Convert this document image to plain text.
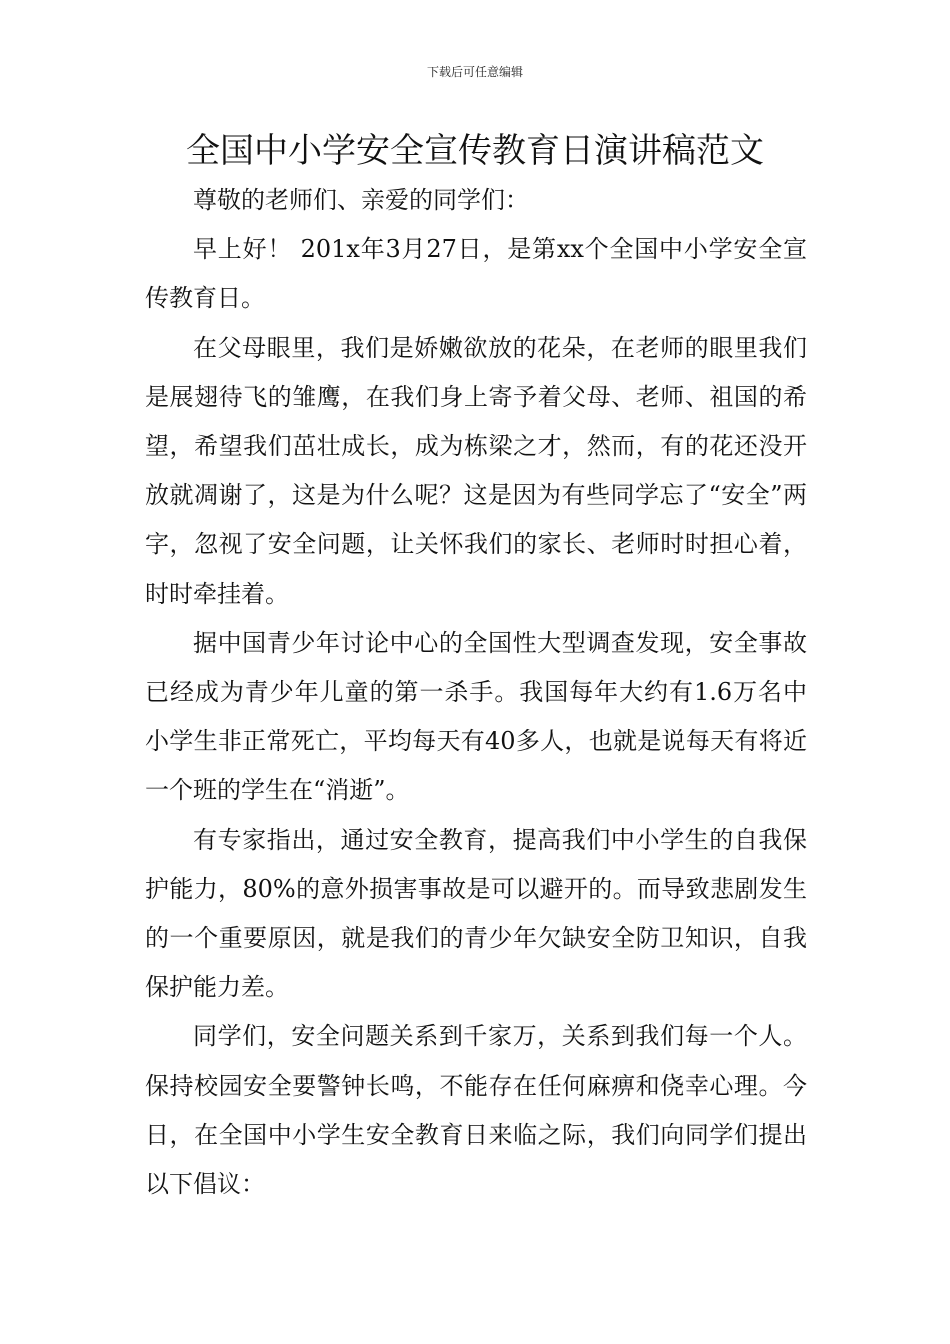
下载后可任意编辑
全国中小学安全宣传教育日演讲稿范文

尊敬的老师们、亲爱的同学们：

早上好！ 201x年3月27日，是第xx个全国中小学安全宣传教育日。

在父母眼里，我们是娇嫩欲放的花朵，在老师的眼里我们是展翅待飞的雏鹰，在我们身上寄予着父母、老师、祖国的希望，希望我们茁壮成长，成为栋梁之才，然而，有的花还没开放就凋谢了，这是为什么呢？这是因为有些同学忘了“安全”两字，忽视了安全问题，让关怀我们的家长、老师时时担心着，时时牵挂着。

据中国青少年讨论中心的全国性大型调查发现，安全事故已经成为青少年儿童的第一杀手。我国每年大约有1.6万名中小学生非正常死亡，平均每天有40多人，也就是说每天有将近一个班的学生在“消逝”。

有专家指出，通过安全教育，提高我们中小学生的自我保护能力，80%的意外损害事故是可以避开的。而导致悲剧发生的一个重要原因，就是我们的青少年欠缺安全防卫知识，自我保护能力差。

同学们，安全问题关系到千家万，关系到我们每一个人。保持校园安全要警钟长鸣，不能存在任何麻痹和侥幸心理。今日，在全国中小学生安全教育日来临之际，我们向同学们提出以下倡议：
